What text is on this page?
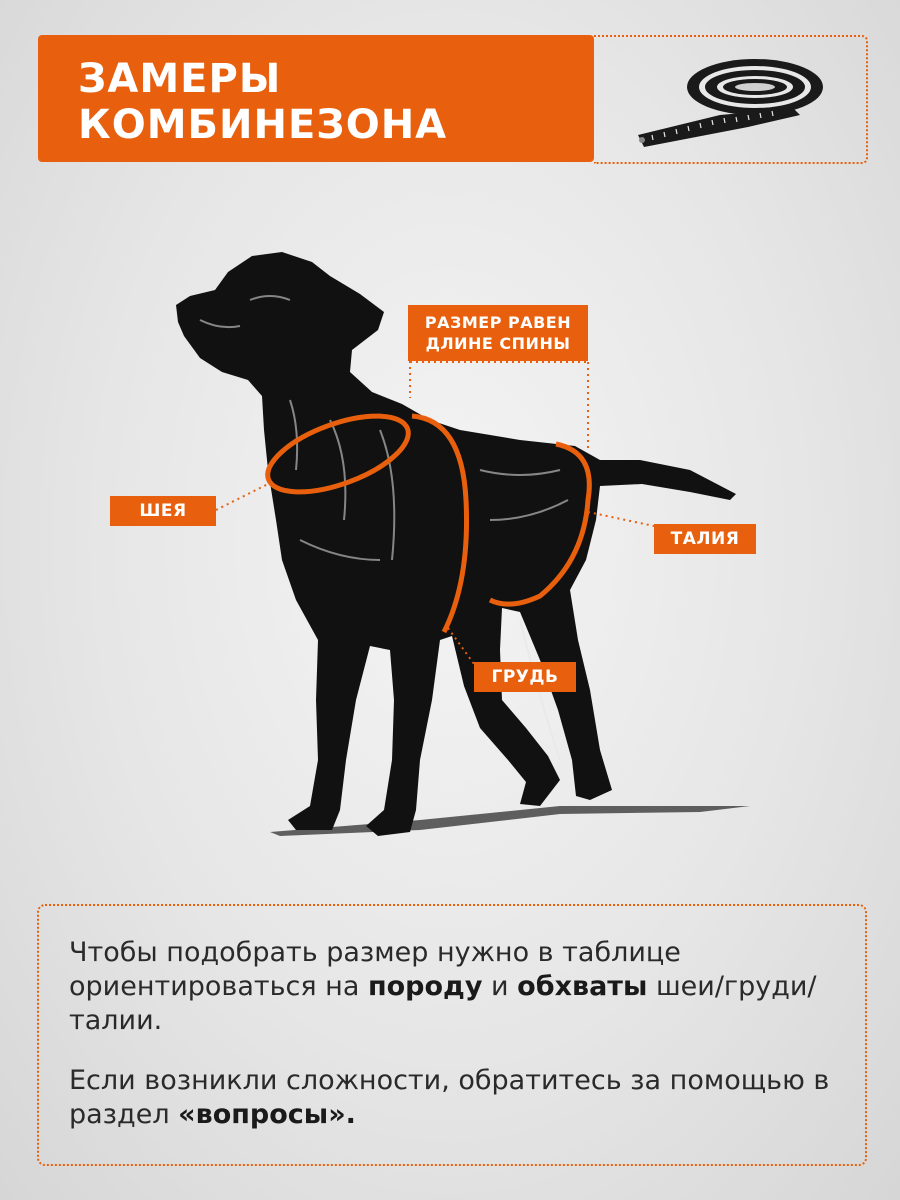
ЗАМЕРЫ
КОМБИНЕЗОНА
РАЗМЕР РАВЕН
ДЛИНЕ СПИНЫ
ШЕЯ
ТАЛИЯ
ГРУДЬ
Чтобы подобрать размер нужно в таблице ориентироваться на породу и обхваты шеи/груди/талии.
Если возникли сложности, обратитесь за помощью в раздел «вопросы».
